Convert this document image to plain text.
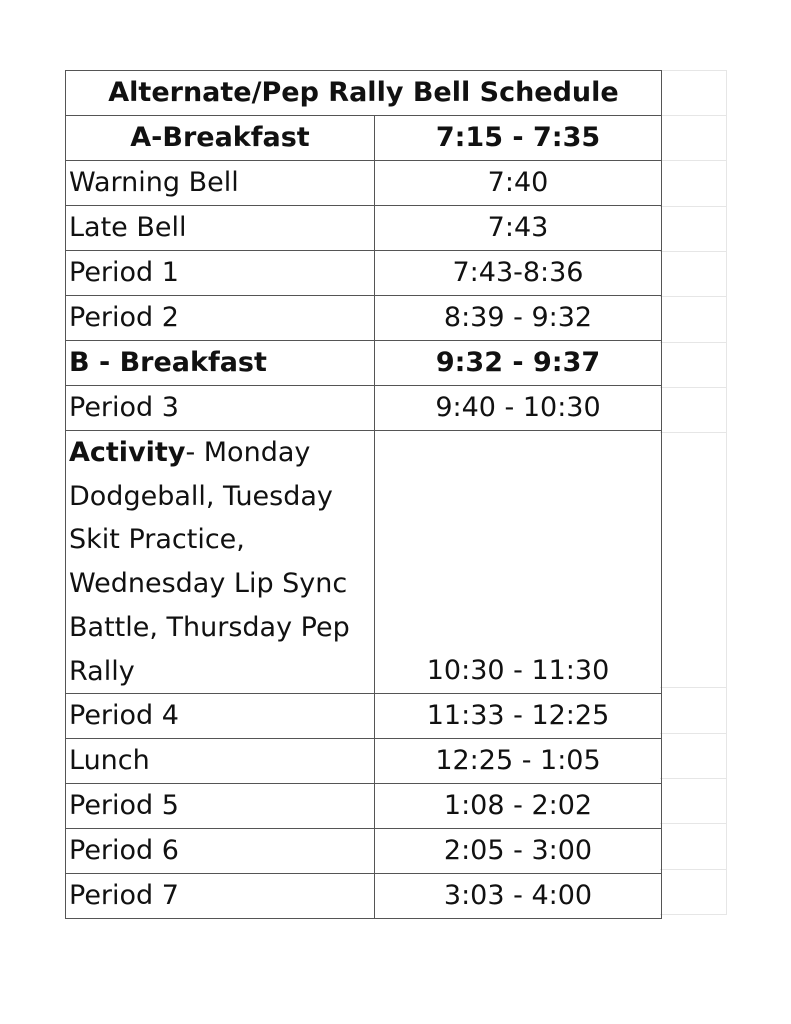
Alternate/Pep Rally Bell Schedule	
A-Breakfast	7:15 - 7:35
Warning Bell	7:40
Late Bell	7:43
Period 1	7:43-8:36
Period 2	8:39 - 9:32
B - Breakfast	9:32 - 9:37
Period 3	9:40 - 10:30

Activity- Monday Dodgeball, Tuesday Skit Practice, Wednesday Lip Sync Battle, Thursday Pep Rally	10:30 - 11:30
Period 4	11:33 - 12:25
Lunch	12:25 - 1:05
Period 5	1:08 - 2:02
Period 6	2:05 - 3:00
Period 7	3:03 - 4:00
